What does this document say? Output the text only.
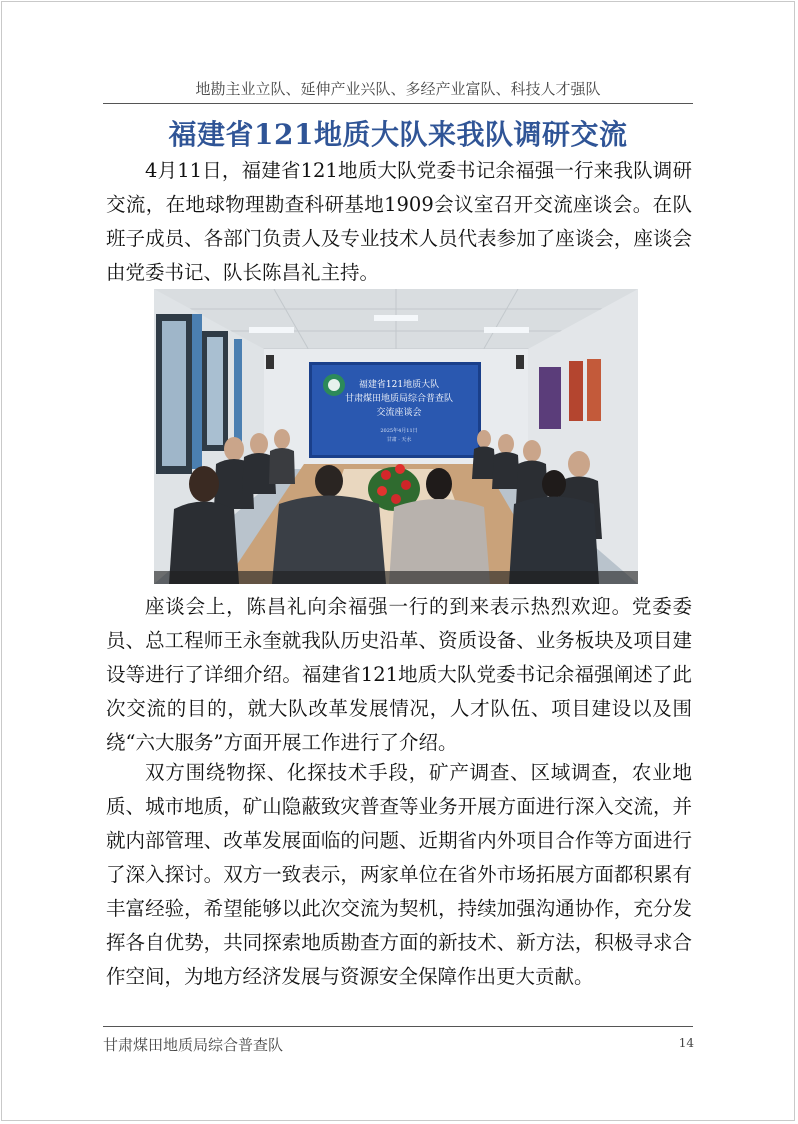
地勘主业立队、延伸产业兴队、多经产业富队、科技人才强队
福建省121地质大队来我队调研交流

4月11日，福建省121地质大队党委书记余福强一行来我队调研交流，在地球物理勘查科研基地1909会议室召开交流座谈会。在队班子成员、各部门负责人及专业技术人员代表参加了座谈会，座谈会由党委书记、队长陈昌礼主持。

福建省121地质大队
甘肃煤田地质局综合普查队
交流座谈会
2025年4月11日
甘肃 · 天水

座谈会上，陈昌礼向余福强一行的到来表示热烈欢迎。党委委员、总工程师王永奎就我队历史沿革、资质设备、业务板块及项目建设等进行了详细介绍。福建省121地质大队党委书记余福强阐述了此次交流的目的，就大队改革发展情况，人才队伍、项目建设以及围绕“六大服务”方面开展工作进行了介绍。

双方围绕物探、化探技术手段，矿产调查、区域调查，农业地质、城市地质，矿山隐蔽致灾普查等业务开展方面进行深入交流，并就内部管理、改革发展面临的问题、近期省内外项目合作等方面进行了深入探讨。双方一致表示，两家单位在省外市场拓展方面都积累有丰富经验，希望能够以此次交流为契机，持续加强沟通协作，充分发挥各自优势，共同探索地质勘查方面的新技术、新方法，积极寻求合作空间，为地方经济发展与资源安全保障作出更大贡献。

甘肃煤田地质局综合普查队	14
